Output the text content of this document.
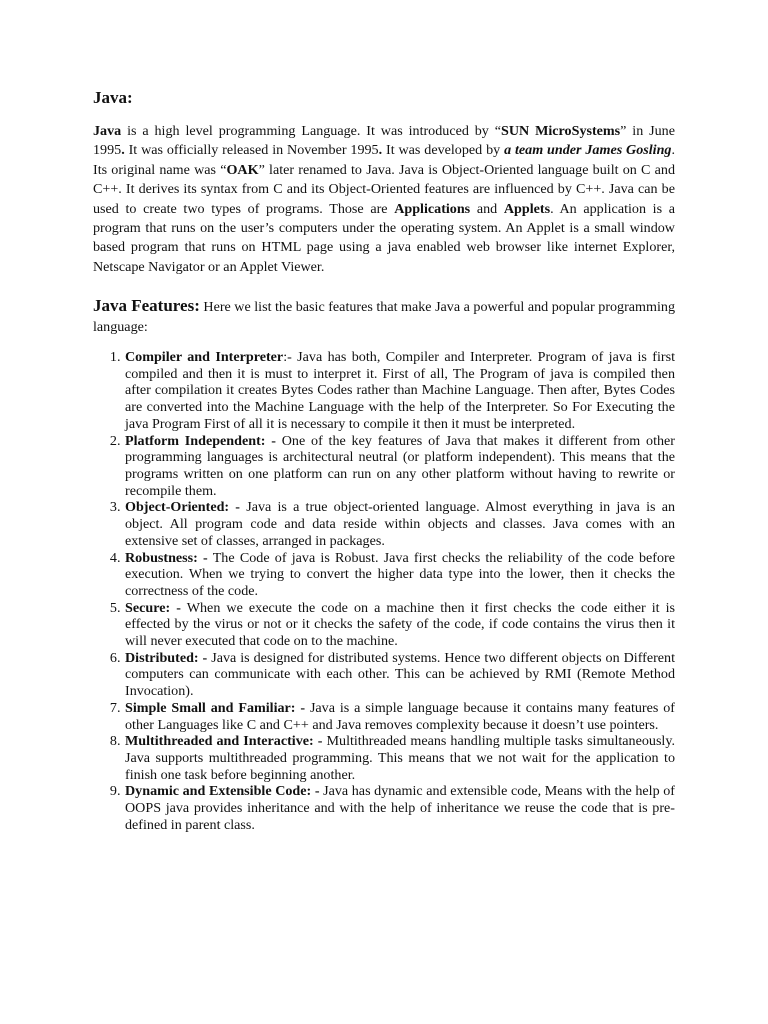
Java:

Java is a high level programming Language. It was introduced by “SUN MicroSystems” in June 1995. It was officially released in November 1995. It was developed by a team under James Gosling. Its original name was “OAK” later renamed to Java. Java is Object-Oriented language built on C and C++. It derives its syntax from C and its Object-Oriented features are influenced by C++. Java can be used to create two types of programs. Those are Applications and Applets. An application is a program that runs on the user’s computers under the operating system. An Applet is a small window based program that runs on HTML page using a java enabled web browser like internet Explorer, Netscape Navigator or an Applet Viewer.

Java Features: Here we list the basic features that make Java a powerful and popular programming language:

1. Compiler and Interpreter:- Java has both, Compiler and Interpreter. Program of java is first compiled and then it is must to interpret it. First of all, The Program of java is compiled then after compilation it creates Bytes Codes rather than Machine Language. Then after, Bytes Codes are converted into the Machine Language with the help of the Interpreter. So For Executing the java Program First of all it is necessary to compile it then it must be interpreted.
2. Platform Independent: - One of the key features of Java that makes it different from other programming languages is architectural neutral (or platform independent). This means that the programs written on one platform can run on any other platform without having to rewrite or recompile them.
3. Object-Oriented: - Java is a true object-oriented language. Almost everything in java is an object. All program code and data reside within objects and classes. Java comes with an extensive set of classes, arranged in packages.
4. Robustness: - The Code of java is Robust. Java first checks the reliability of the code before execution. When we trying to convert the higher data type into the lower, then it checks the correctness of the code.
5. Secure: - When we execute the code on a machine then it first checks the code either it is effected by the virus or not or it checks the safety of the code, if code contains the virus then it will never executed that code on to the machine.
6. Distributed: - Java is designed for distributed systems. Hence two different objects on Different computers can communicate with each other. This can be achieved by RMI (Remote Method Invocation).
7. Simple Small and Familiar: - Java is a simple language because it contains many features of other Languages like C and C++ and Java removes complexity because it doesn’t use pointers.
8. Multithreaded and Interactive: - Multithreaded means handling multiple tasks simultaneously. Java supports multithreaded programming. This means that we not wait for the application to finish one task before beginning another.
9. Dynamic and Extensible Code: - Java has dynamic and extensible code, Means with the help of OOPS java provides inheritance and with the help of inheritance we reuse the code that is pre-defined in parent class.
